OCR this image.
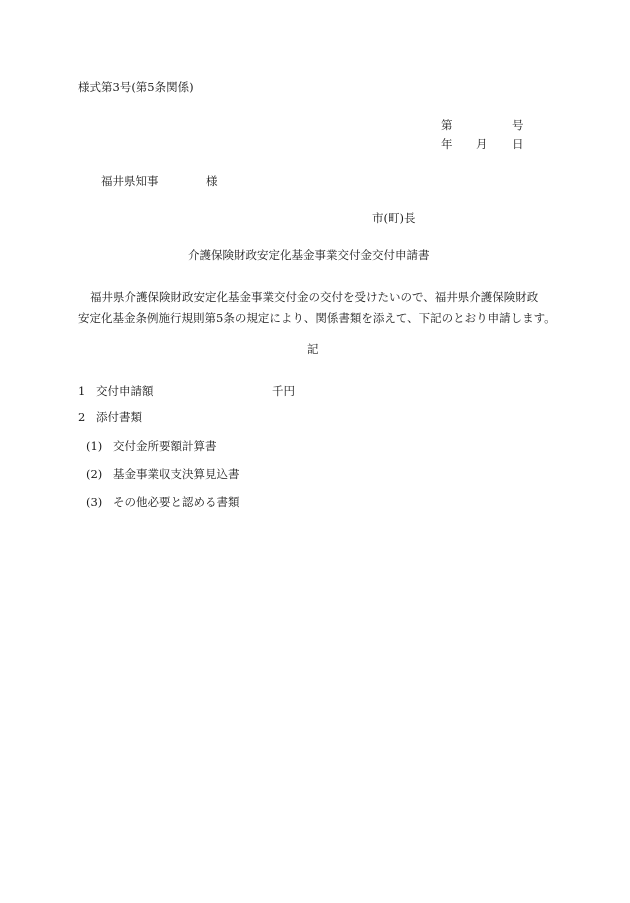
様式第3号(第5条関係)
第	号
年 月 日
福井県知事	様
市(町)長
介護保険財政安定化基金事業交付金交付申請書
福井県介護保険財政安定化基金事業交付金の交付を受けたいので、福井県介護保険財政
安定化基金条例施行規則第5条の規定により、関係書類を添えて、下記のとおり申請します。
記
1 交付申請額	千円
2 添付書類
(1) 交付金所要額計算書
(2) 基金事業収支決算見込書
(3) その他必要と認める書類
